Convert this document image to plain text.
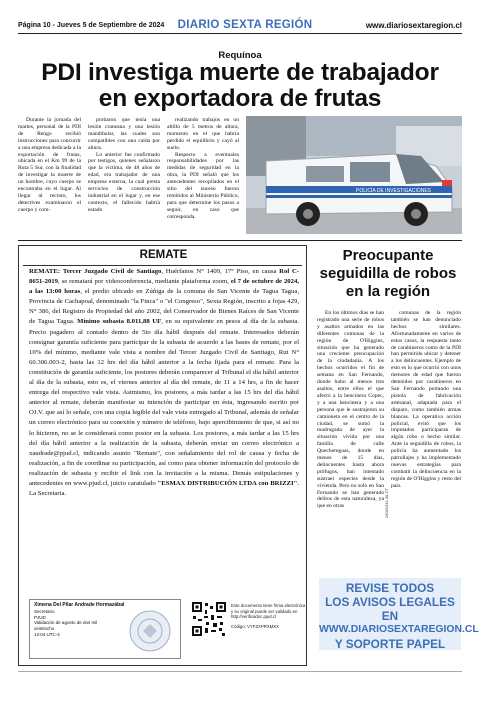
Página 10 - Jueves 5 de Septiembre de 2024	DIARIO SEXTA REGIÓN	www.diariosextaregion.cl
Requínoa
PDI investiga muerte de trabajador
en exportadora de frutas

Durante la jornada del martes, personal de la PDI de Rengo recibió instrucciones para concurrir a una empresa dedicada a la exportación de frutas, ubicada en el Km 99 de la Ruta 5 Sur, con la finalidad de investigar la muerte de un hombre, cuyo cuerpo se encontraba en el lugar. Al llegar al recinto, los detectives examinaron el cuerpo y com-

probaron que tenía una lesión craneana y una lesión mandibular, las cuales son compatibles con una caída por altura.

Lo anterior fue confirmado por testigos, quienes señalaron que la víctima, de 48 años de edad, era trabajador de una empresa externa, la cual presta servicios de construcción industrial en el lugar y, en ese contexto, el fallecido habría estado

realizando trabajos en un altillo de 5 metros de altura, momento en el que habría perdido el equilibrio y cayó al suelo.

Respecto a eventuales responsabilidades por las medidas de seguridad en la obra, la PDI señaló que los antecedentes recopilados en el sitio del suceso fueron remitidos al Ministerio Público, para que determine los pasos a seguir, en caso que corresponda.

POLICÍA DE INVESTIGACIONES
REMATE
REMATE: Tercer Juzgado Civil de Santiago, Huérfanos N° 1409, 17° Piso, en causa Rol C-8651-2019, se rematará por videoconferencia, mediante plataforma zoom, el 7 de octubre de 2024, a las 13:00 horas, el predio ubicado en Zúñiga de la comuna de San Vicente de Tagua Tagua, Provincia de Cachapoal, denominado "la Finca" o "el Congreso", Sexta Región, inscrito a fojas 429, N° 386, del Registro de Propiedad del año 2002, del Conservador de Bienes Raíces de San Vicente de Tagua Tagua. Mínimo subasta 8.011,88 UF, en su equivalente en pesos al día de la subasta. Precio pagadero al contado dentro de 5to día hábil después del remate. Interesados deberán consignar garantía suficiente para participar de la subasta de acuerdo a las bases de remate, por el 10% del mínimo, mediante vale vista a nombre del Tercer Juzgado Civil de Santiago, Rut N° 60.306.003-2, hasta las 12 hrs del día hábil anterior a la fecha fijada para el remate. Para la constitución de garantía suficiente, los postores deberán comparecer al Tribunal el día hábil anterior al día de la subasta, esto es, el viernes anterior al día del remate, de 11 a 14 hrs, a fin de hacer entrega del respectivo vale vista. Asimismo, los postores, a más tardar a las 15 hrs del día hábil anterior al remate, deberán manifestar su intención de participar en ésta, ingresando escrito por OJ.V. que así lo señale, con una copia legible del vale vista entregado al Tribunal, además de señalar un correo electrónico para su conexión y número de teléfono, bajo apercibimiento de que, si así no lo hicieren, no se le considerará como postor en la subasta. Los postores, a más tardar a las 15 hrs del día hábil anterior a la realización de la subasta, deberán enviar un correo electrónico a xaudrade@pjud.cl, indicando asunto "Remate", con señalamiento del rol de causa y fecha de realización, a fin de coordinar su participación, así como para obtener información del protocolo de realización de subasta y recibir el link con la invitación a la misma. Demás estipulaciones y antecedentes en www.pjud.cl, juicio caratulado "ESMAX DISTRIBUCIÓN LTDA con BRIZZI". La Secretaria.
Ximena Del Pilar Andrade Hormazábal
Secretario
PJUD
Validación de agosto de dos mil veintiocho
12:04 UTC-4
Este documento tiene firma electrónica y su original puede ser validado en http://verificadoc.pjud.cl
Código: VYFZXPRXMXX
Preocupante seguidilla de robos en la región

En los últimos días se han registrado una serie de robos y asaltos armados en las diferentes comunas de la región de O'Higgins, situación que ha generado una creciente preocupación de la ciudadanía. A los hechos ocurridos el fin de semana en San Fernando, donde hubo al menos tres asaltos, entre ellos el que afectó a la bencinera Copec, y a una bencinera y a una persona que le sustrajeron su camioneta en el centro de la ciudad, se sumó la madrugada de ayer la situación vivida por una familia de calle Quechereguas, donde en menos de 15 días, delincuentes hasta ahora prófugos, han intentado sustraer especies desde la vivienda. Pero no solo en San Fernando se han generado delitos de esta naturaleza, ya que en otras

comunas de la región también se han denunciado hechos similares. Afortunadamente en varios de estos casos, la respuesta tanto de carabineros como de la PDI han permitido ubicar y detener a los delincuentes. Ejemplo de esto es lo que ocurrió con unos menores de edad que fueron detenidos por carabineros en San Fernando portando una pistola de fabricación artesanal, adaptada para el disparo, como también armas blancas. La operativa acción policial, evitó que los imputados participaran de algún robo o hecho similar. Ante la seguidilla de robos, la policía ha aumentado los patrullajes y ha implementado nuevas estrategias para combatir la delincuencia en la región de O'Higgins y resto del país.

24031311-30-CT
REVISE TODOS
LOS AVISOS LEGALES EN
WWW.DIARIOSEXTAREGION.CL
Y SOPORTE PAPEL
